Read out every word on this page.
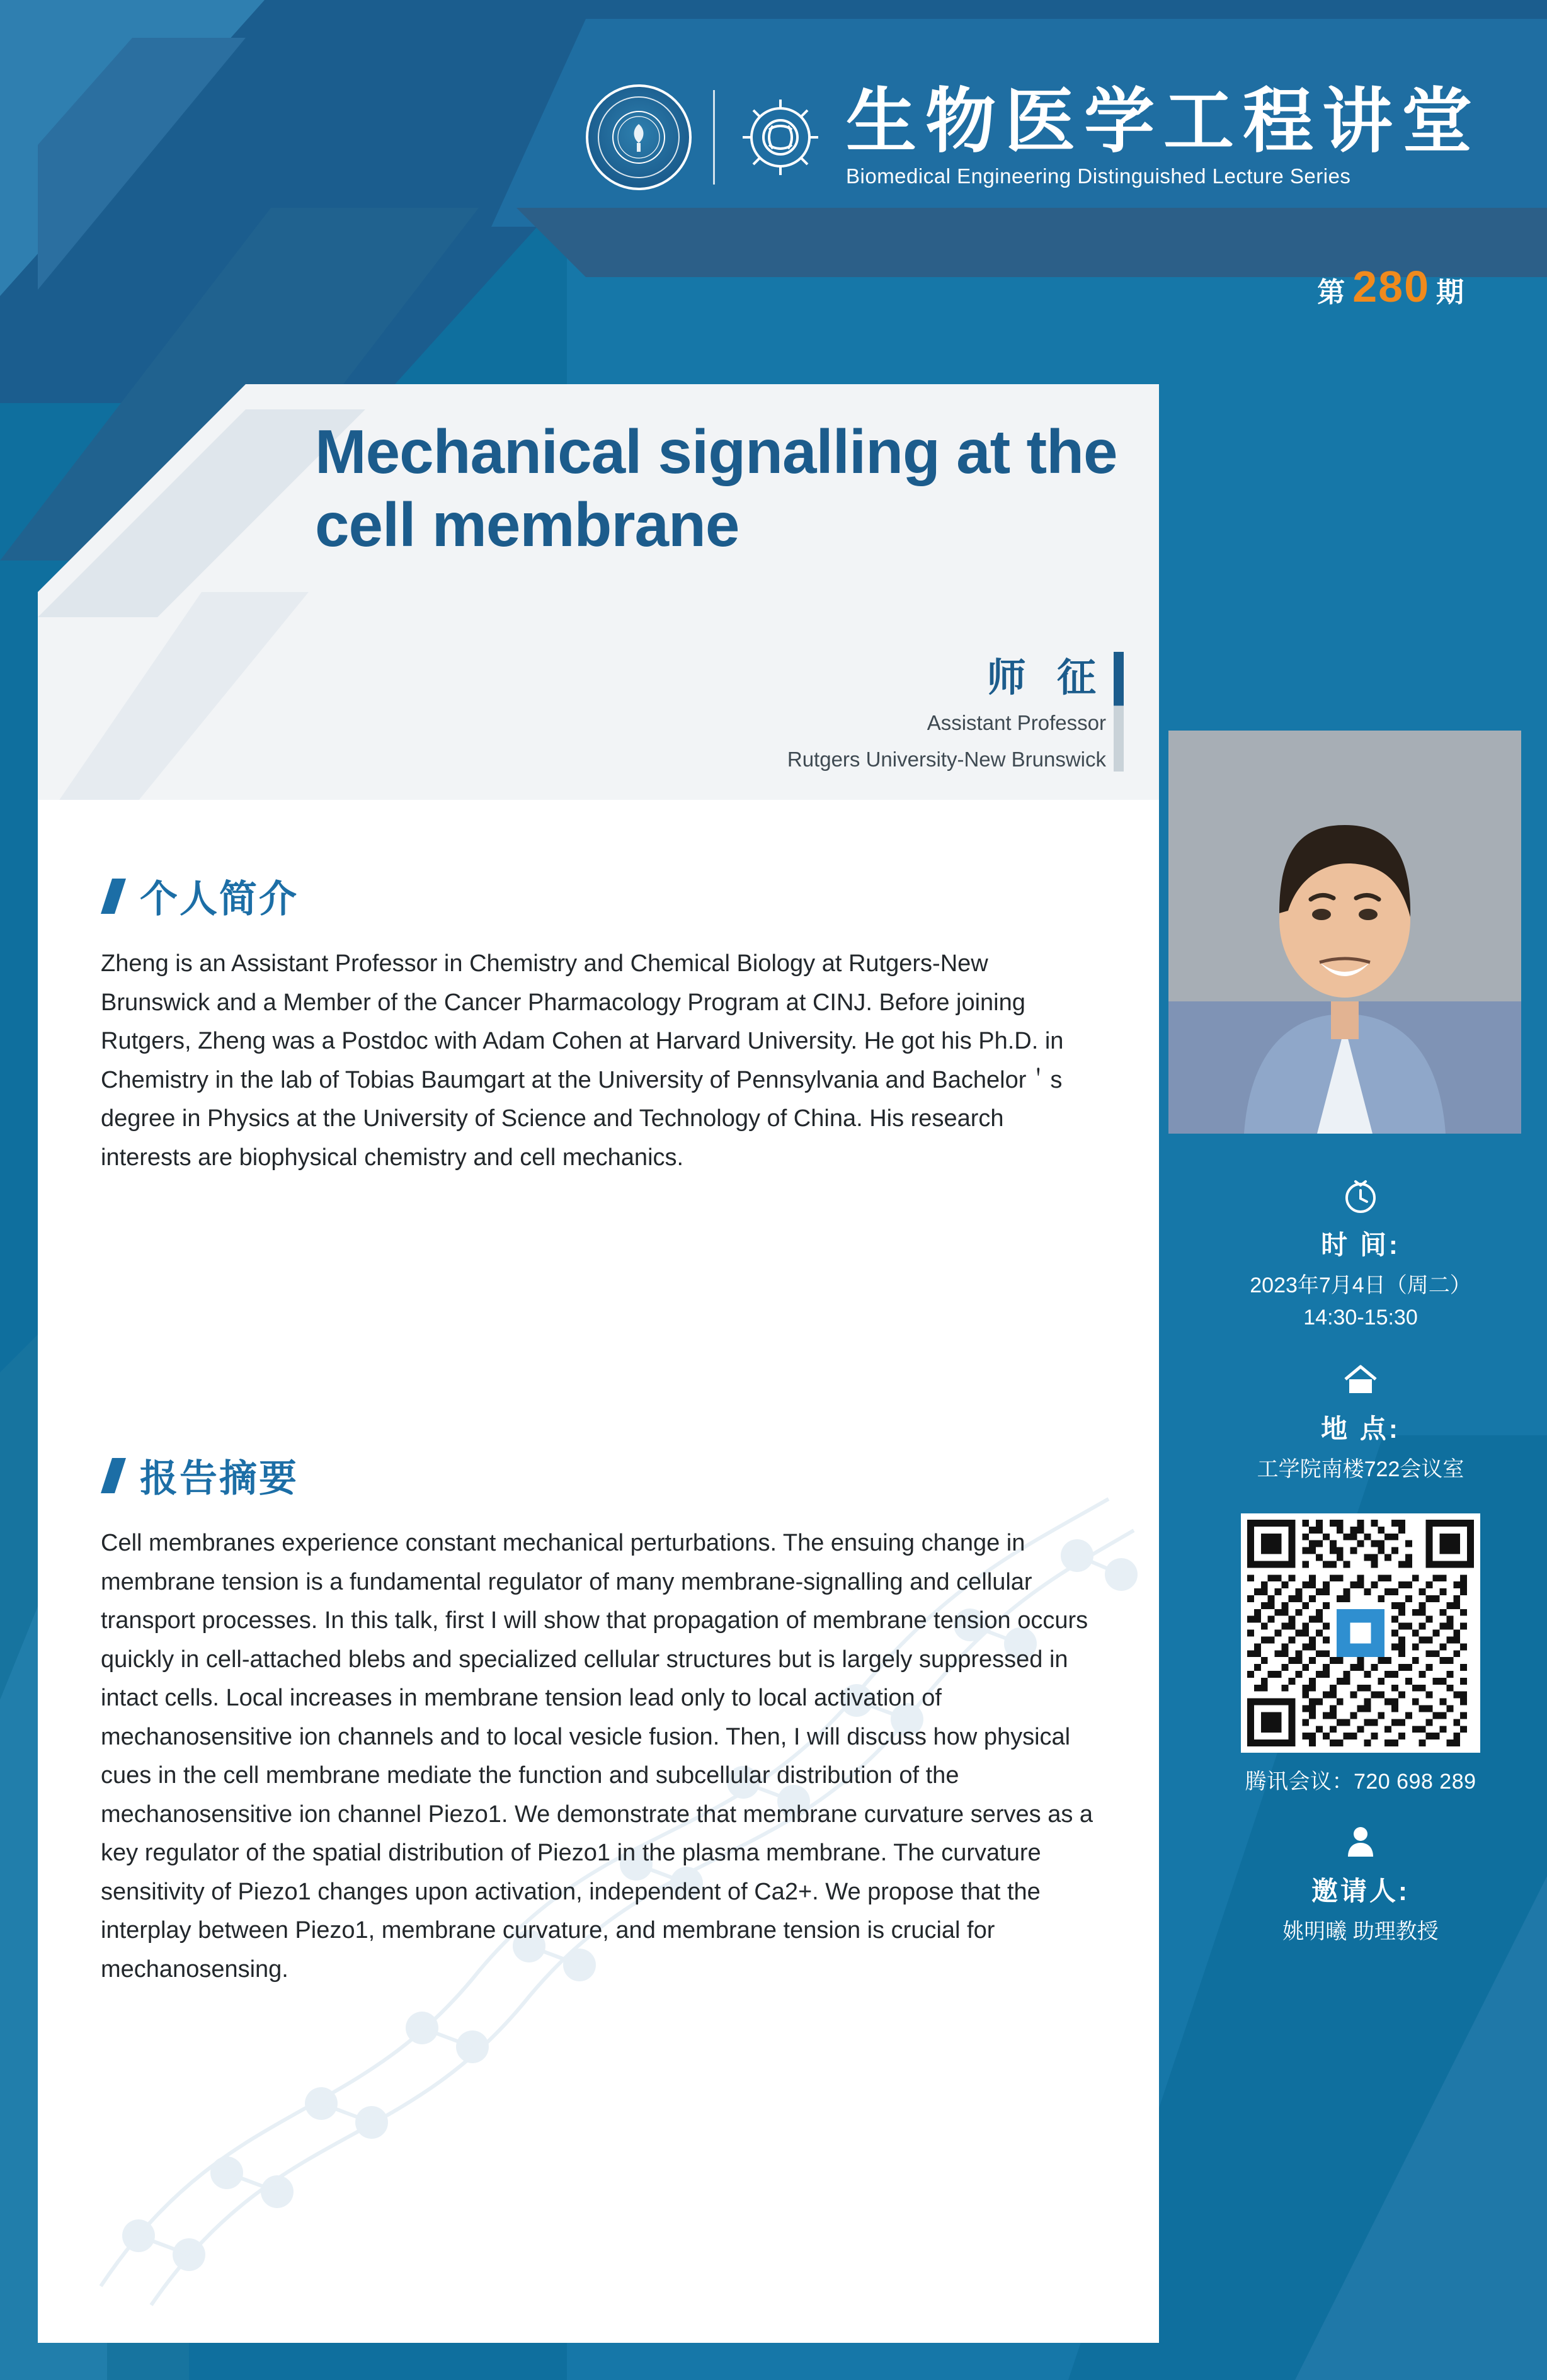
生物医学工程讲堂
Biomedical Engineering Distinguished Lecture Series
第 280 期
Mechanical signalling at the cell membrane
师 征
Assistant Professor
Rutgers University-New Brunswick
个人简介
Zheng is an Assistant Professor in Chemistry and Chemical Biology at Rutgers-New Brunswick and a Member of the Cancer Pharmacology Program at CINJ. Before joining Rutgers, Zheng was a Postdoc with Adam Cohen at Harvard University. He got his Ph.D. in Chemistry in the lab of Tobias Baumgart at the University of Pennsylvania and Bachelor＇s degree in Physics at the University of Science and Technology of China. His research interests are biophysical chemistry and cell mechanics.
报告摘要
Cell membranes experience constant mechanical perturbations. The ensuing change in membrane tension is a fundamental regulator of many membrane-signalling and cellular transport processes. In this talk, first I will show that propagation of membrane tension occurs quickly in cell-attached blebs and specialized cellular structures but is largely suppressed in intact cells. Local increases in membrane tension lead only to local activation of mechanosensitive ion channels and to local vesicle fusion. Then, I will discuss how physical cues in the cell membrane mediate the function and subcellular distribution of the mechanosensitive ion channel Piezo1. We demonstrate that membrane curvature serves as a key regulator of the spatial distribution of Piezo1 in the plasma membrane. The curvature sensitivity of Piezo1 changes upon activation, independent of Ca2+. We propose that the interplay between Piezo1, membrane curvature, and membrane tension is crucial for mechanosensing.
时 间:
2023年7月4日（周二）
14:30-15:30
地 点:
工学院南楼722会议室
腾讯会议：720 698 289
邀请人:
姚明曦 助理教授
